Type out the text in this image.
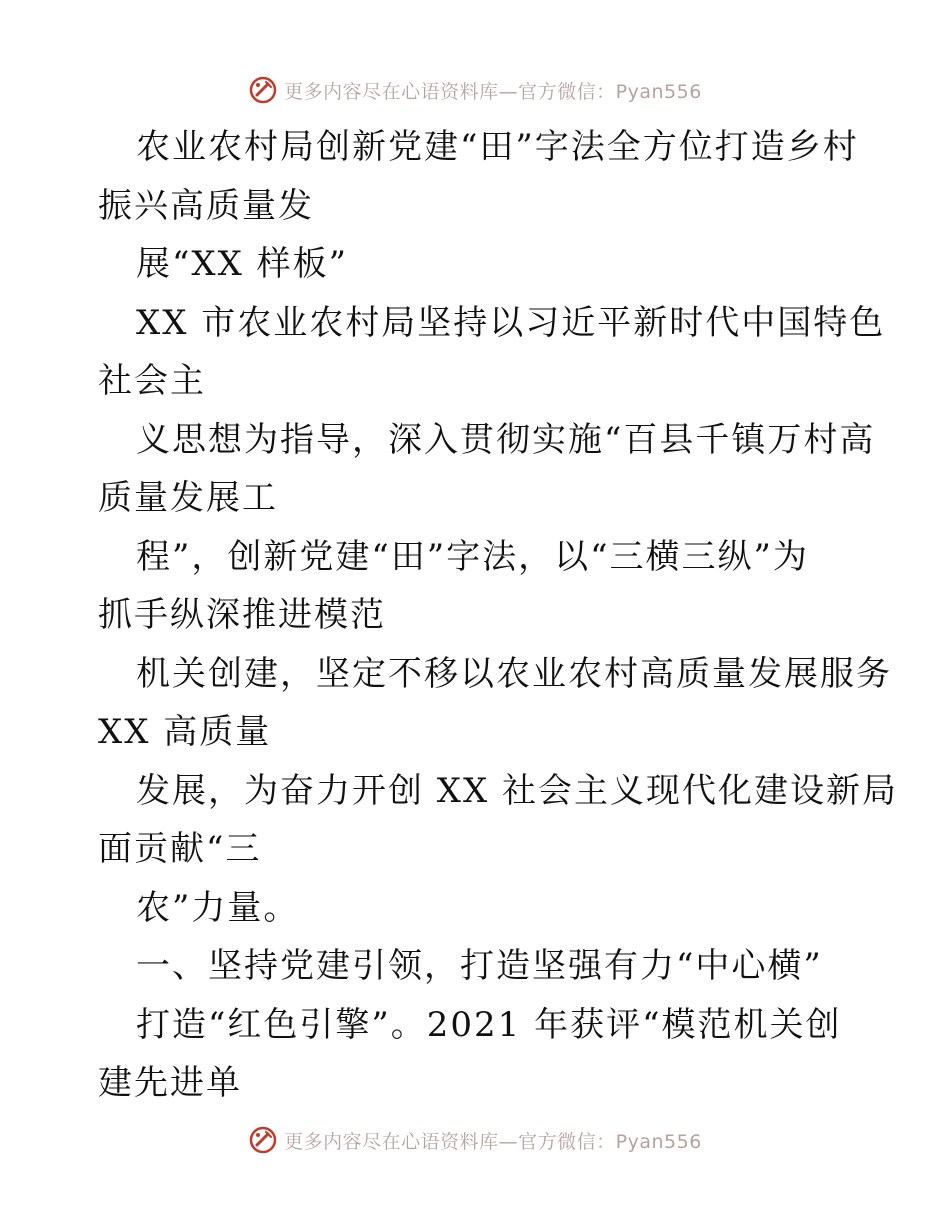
更多内容尽在心语资料库—官方微信：Pyan556
农业农村局创新党建“田”字法全方位打造乡村
振兴高质量发
展“XX 样板”
XX 市农业农村局坚持以习近平新时代中国特色
社会主
义思想为指导，深入贯彻实施“百县千镇万村高
质量发展工
程”，创新党建“田”字法，以“三横三纵”为
抓手纵深推进模范
机关创建，坚定不移以农业农村高质量发展服务
XX 高质量
发展，为奋力开创 XX 社会主义现代化建设新局
面贡献“三
农”力量。
一、坚持党建引领，打造坚强有力“中心横”
打造“红色引擎”。2021 年获评“模范机关创
建先进单
更多内容尽在心语资料库—官方微信：Pyan556
